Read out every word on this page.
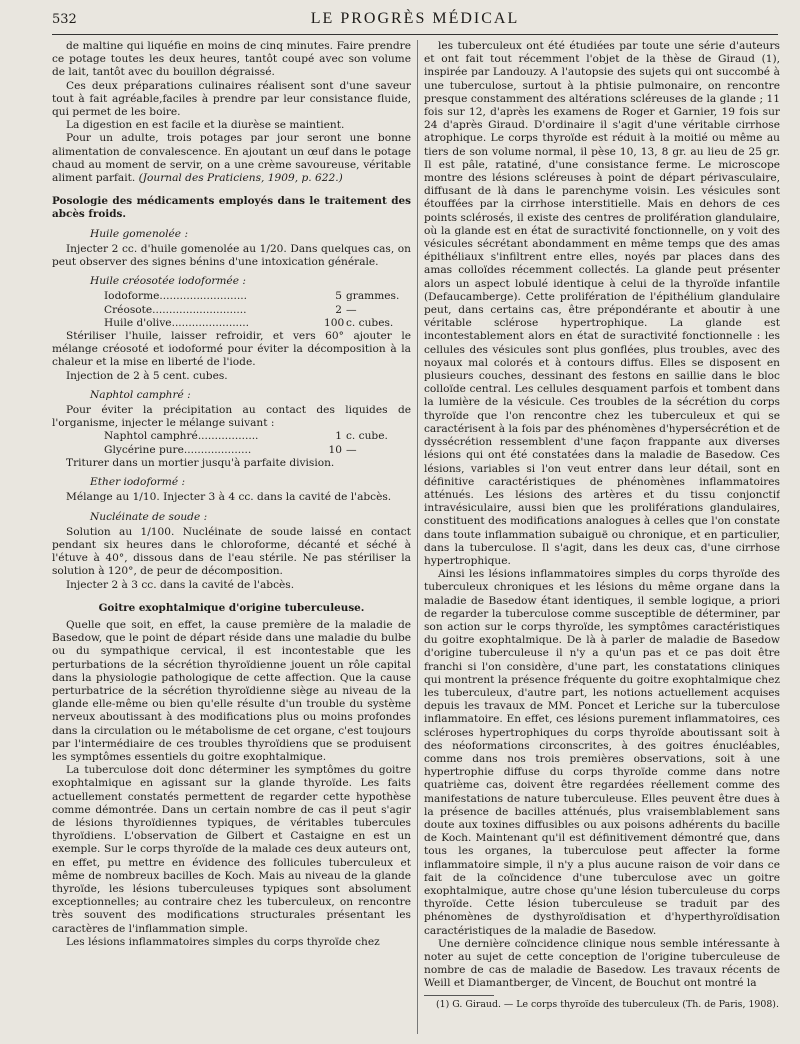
532	LE PROGRÈS MÉDICAL

de maltine qui liquéfie en moins de cinq minutes. Faire prendre ce potage toutes les deux heures, tantôt coupé avec son volume de lait, tantôt avec du bouillon dégraissé.

Ces deux préparations culinaires réalisent sont d'une saveur tout à fait agréable,faciles à prendre par leur consistance fluide, qui permet de les boire.

La digestion en est facile et la diurèse se maintient.

Pour un adulte, trois potages par jour seront une bonne alimentation de convalescence. En ajoutant un œuf dans le potage chaud au moment de servir, on a une crème savoureuse, véritable aliment parfait. (Journal des Praticiens, 1909, p. 622.)

Posologie des médicaments employés dans le traitement des abcès froids.

Huile gomenolée :

Injecter 2 cc. d'huile gomenolée au 1/20. Dans quelques cas, on peut observer des signes bénins d'une intoxication générale.

Huile créosotée iodoformée :

Iodoforme..........................	5 grammes.
Créosote............................	2 —
Huile d'olive.......................	100 c. cubes.

Stériliser l'huile, laisser refroidir, et vers 60° ajouter le mélange créosoté et iodoformé pour éviter la décomposition à la chaleur et la mise en liberté de l'iode.

Injection de 2 à 5 cent. cubes.

Naphtol camphré :

Pour éviter la précipitation au contact des liquides de l'organisme, injecter le mélange suivant :

Naphtol camphré..................	1 c. cube.
Glycérine pure....................	10 —

Triturer dans un mortier jusqu'à parfaite division.

Ether iodoformé :

Mélange au 1/10. Injecter 3 à 4 cc. dans la cavité de l'abcès.

Nucléinate de soude :

Solution au 1/100. Nucléinate de soude laissé en contact pendant six heures dans le chloroforme, décanté et séché à l'étuve à 40°, dissous dans de l'eau stérile. Ne pas stériliser la solution à 120°, de peur de décomposition.

Injecter 2 à 3 cc. dans la cavité de l'abcès.

Goitre exophtalmique d'origine tuberculeuse.

Quelle que soit, en effet, la cause première de la maladie de Basedow, que le point de départ réside dans une maladie du bulbe ou du sympathique cervical, il est incontestable que les perturbations de la sécrétion thyroïdienne jouent un rôle capital dans la physiologie pathologique de cette affection. Que la cause perturbatrice de la sécrétion thyroïdienne siège au niveau de la glande elle-même ou bien qu'elle résulte d'un trouble du système nerveux aboutissant à des modifications plus ou moins profondes dans la circulation ou le métabolisme de cet organe, c'est toujours par l'intermédiaire de ces troubles thyroïdiens que se produisent les symptômes essentiels du goitre exophtalmique.

La tuberculose doit donc déterminer les symptômes du goitre exophtalmique en agissant sur la glande thyroïde. Les faits actuellement constatés permettent de regarder cette hypothèse comme démontrée. Dans un certain nombre de cas il peut s'agir de lésions thyroïdiennes typiques, de véritables tubercules thyroïdiens. L'observation de Gilbert et Castaigne en est un exemple. Sur le corps thyroïde de la malade ces deux auteurs ont, en effet, pu mettre en évidence des follicules tuberculeux et même de nombreux bacilles de Koch. Mais au niveau de la glande thyroïde, les lésions tuberculeuses typiques sont absolument exceptionnelles; au contraire chez les tuberculeux, on rencontre très souvent des modifications structurales présentant les caractères de l'inflammation simple.

Les lésions inflammatoires simples du corps thyroïde chez

les tuberculeux ont été étudiées par toute une série d'auteurs et ont fait tout récemment l'objet de la thèse de Giraud (1), inspirée par Landouzy. A l'autopsie des sujets qui ont succombé à une tuberculose, surtout à la phtisie pulmonaire, on rencontre presque constamment des altérations scléreuses de la glande ; 11 fois sur 12, d'après les examens de Roger et Garnier, 19 fois sur 24 d'après Giraud. D'ordinaire il s'agit d'une véritable cirrhose atrophique. Le corps thyroïde est réduit à la moitié ou même au tiers de son volume normal, il pèse 10, 13, 8 gr. au lieu de 25 gr. Il est pâle, ratatiné, d'une consistance ferme. Le microscope montre des lésions scléreuses à point de départ périvasculaire, diffusant de là dans le parenchyme voisin. Les vésicules sont étouffées par la cirrhose interstitielle. Mais en dehors de ces points sclérosés, il existe des centres de prolifération glandulaire, où la glande est en état de suractivité fonctionnelle, on y voit des vésicules sécrétant abondamment en même temps que des amas épithéliaux s'infiltrent entre elles, noyés par places dans des amas colloïdes récemment collectés. La glande peut présenter alors un aspect lobulé identique à celui de la thyroïde infantile (Defaucamberge). Cette prolifération de l'épithélium glandulaire peut, dans certains cas, être prépondérante et aboutir à une véritable sclérose hypertrophique. La glande est incontestablement alors en état de suractivité fonctionnelle : les cellules des vésicules sont plus gonflées, plus troubles, avec des noyaux mal colorés et à contours diffus. Elles se disposent en plusieurs couches, dessinant des festons en saillie dans le bloc colloïde central. Les cellules desquament parfois et tombent dans la lumière de la vésicule. Ces troubles de la sécrétion du corps thyroïde que l'on rencontre chez les tuberculeux et qui se caractérisent à la fois par des phénomènes d'hypersécrétion et de dyssécrétion ressemblent d'une façon frappante aux diverses lésions qui ont été constatées dans la maladie de Basedow. Ces lésions, variables si l'on veut entrer dans leur détail, sont en définitive caractéristiques de phénomènes inflammatoires atténués. Les lésions des artères et du tissu conjonctif intravésiculaire, aussi bien que les proliférations glandulaires, constituent des modifications analogues à celles que l'on constate dans toute inflammation subaiguë ou chronique, et en particulier, dans la tuberculose. Il s'agit, dans les deux cas, d'une cirrhose hypertrophique.

Ainsi les lésions inflammatoires simples du corps thyroïde des tuberculeux chroniques et les lésions du même organe dans la maladie de Basedow étant identiques, il semble logique, a priori de regarder la tuberculose comme susceptible de déterminer, par son action sur le corps thyroïde, les symptômes caractéristiques du goitre exophtalmique. De là à parler de maladie de Basedow d'origine tuberculeuse il n'y a qu'un pas et ce pas doit être franchi si l'on considère, d'une part, les constatations cliniques qui montrent la présence fréquente du goitre exophtalmique chez les tuberculeux, d'autre part, les notions actuellement acquises depuis les travaux de MM. Poncet et Leriche sur la tuberculose inflammatoire. En effet, ces lésions purement inflammatoires, ces scléroses hypertrophiques du corps thyroïde aboutissant soit à des néoformations circonscrites, à des goitres énucléables, comme dans nos trois premières observations, soit à une hypertrophie diffuse du corps thyroïde comme dans notre quatrième cas, doivent être regardées réellement comme des manifestations de nature tuberculeuse. Elles peuvent être dues à la présence de bacilles atténués, plus vraisemblablement sans doute aux toxines diffusibles ou aux poisons adhérents du bacille de Koch. Maintenant qu'il est définitivement démontré que, dans tous les organes, la tuberculose peut affecter la forme inflammatoire simple, il n'y a plus aucune raison de voir dans ce fait de la coïncidence d'une tuberculose avec un goitre exophtalmique, autre chose qu'une lésion tuberculeuse du corps thyroïde. Cette lésion tuberculeuse se traduit par des phénomènes de dysthyroïdisation et d'hyperthyroïdisation caractéristiques de la maladie de Basedow.

Une dernière coïncidence clinique nous semble intéressante à noter au sujet de cette conception de l'origine tuberculeuse de nombre de cas de maladie de Basedow. Les travaux récents de Weill et Diamantberger, de Vincent, de Bouchut ont montré la

(1) G. Giraud. — Le corps thyroïde des tuberculeux (Th. de Paris, 1908).
